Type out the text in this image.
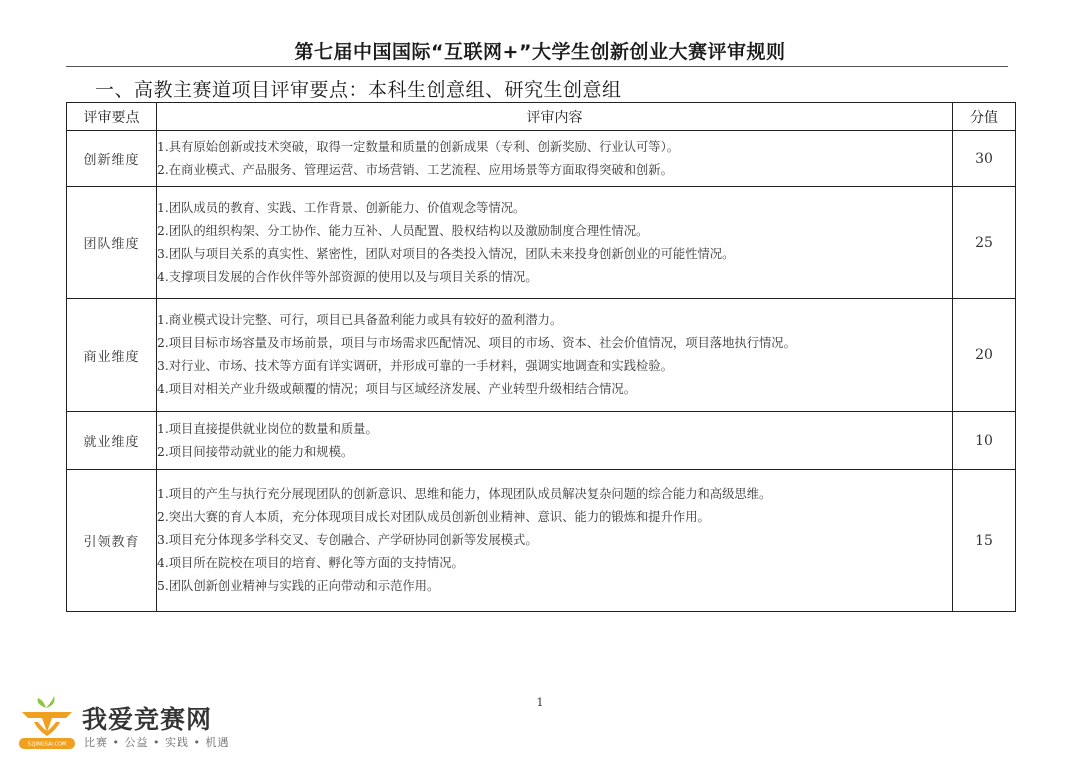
第七届中国国际“互联网+”大学生创新创业大赛评审规则
一、高教主赛道项目评审要点：本科生创意组、研究生创意组
评审要点	评审内容	分值
创新维度	1.具有原始创新或技术突破，取得一定数量和质量的创新成果（专利、创新奖励、行业认可等）。
2.在商业模式、产品服务、管理运营、市场营销、工艺流程、应用场景等方面取得突破和创新。	30
团队维度	1.团队成员的教育、实践、工作背景、创新能力、价值观念等情况。
2.团队的组织构架、分工协作、能力互补、人员配置、股权结构以及激励制度合理性情况。
3.团队与项目关系的真实性、紧密性，团队对项目的各类投入情况，团队未来投身创新创业的可能性情况。
4.支撑项目发展的合作伙伴等外部资源的使用以及与项目关系的情况。	25
商业维度	1.商业模式设计完整、可行，项目已具备盈利能力或具有较好的盈利潜力。
2.项目目标市场容量及市场前景，项目与市场需求匹配情况、项目的市场、资本、社会价值情况，项目落地执行情况。
3.对行业、市场、技术等方面有详实调研，并形成可靠的一手材料，强调实地调查和实践检验。
4.项目对相关产业升级或颠覆的情况；项目与区域经济发展、产业转型升级相结合情况。	20
就业维度	1.项目直接提供就业岗位的数量和质量。
2.项目间接带动就业的能力和规模。	10
引领教育	1.项目的产生与执行充分展现团队的创新意识、思维和能力，体现团队成员解决复杂问题的综合能力和高级思维。
2.突出大赛的育人本质，充分体现项目成长对团队成员创新创业精神、意识、能力的锻炼和提升作用。
3.项目充分体现多学科交叉、专创融合、产学研协同创新等发展模式。
4.项目所在院校在项目的培育、孵化等方面的支持情况。
5.团队创新创业精神与实践的正向带动和示范作用。	15
1
52JINGSAI.COM
我爱竞赛网
比赛 • 公益 • 实践 • 机遇
